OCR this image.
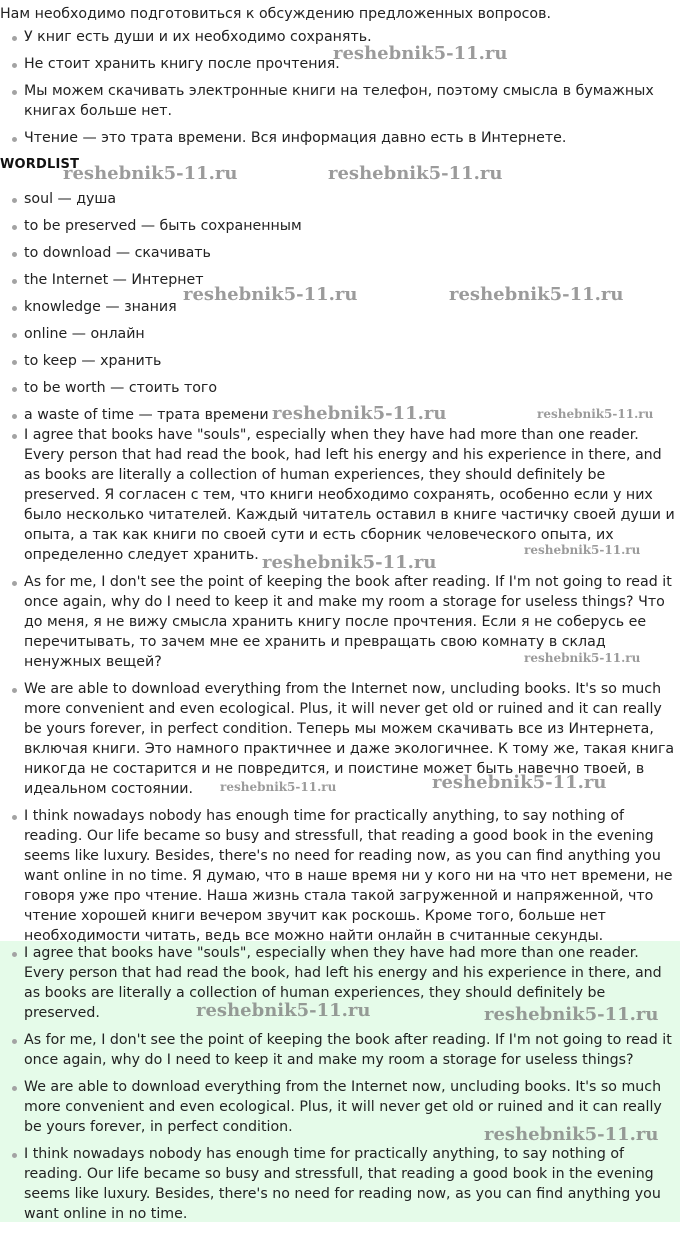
Нам необходимо подготовиться к обсуждению предложенных вопросов.
У книг есть души и их необходимо сохранять.
Не стоит хранить книгу после прочтения.
Мы можем скачивать электронные книги на телефон, поэтому смысла в бумажных книгах больше нет.
Чтение — это трата времени. Вся информация давно есть в Интернете.
WORDLIST
soul — душа
to be preserved — быть сохраненным
to download — скачивать
the Internet — Интернет
knowledge — знания
online — онлайн
to keep — хранить
to be worth — стоить того
a waste of time — трата времени
I agree that books have "souls", especially when they have had more than one reader. Every person that had read the book, had left his energy and his experience in there, and as books are literally a collection of human experiences, they should definitely be preserved. Я согласен с тем, что книги необходимо сохранять, особенно если у них было несколько читателей. Каждый читатель оставил в книге частичку своей души и опыта, а так как книги по своей сути и есть сборник человеческого опыта, их определенно следует хранить.
As for me, I don't see the point of keeping the book after reading. If I'm not going to read it once again, why do I need to keep it and make my room a storage for useless things? Что до меня, я не вижу смысла хранить книгу после прочтения. Если я не соберусь ее перечитывать, то зачем мне ее хранить и превращать свою комнату в склад ненужных вещей?
We are able to download everything from the Internet now, uncluding books. It's so much more convenient and even ecological. Plus, it will never get old or ruined and it can really be yours forever, in perfect condition. Теперь мы можем скачивать все из Интернета, включая книги. Это намного практичнее и даже экологичнее. К тому же, такая книга никогда не состарится и не повредится, и поистине может быть навечно твоей, в идеальном состоянии.
I think nowadays nobody has enough time for practically anything, to say nothing of reading. Our life became so busy and stressfull, that reading a good book in the evening seems like luxury. Besides, there's no need for reading now, as you can find anything you want online in no time. Я думаю, что в наше время ни у кого ни на что нет времени, не говоря уже про чтение. Наша жизнь стала такой загруженной и напряженной, что чтение хорошей книги вечером звучит как роскошь. Кроме того, больше нет необходимости читать, ведь все можно найти онлайн в считанные секунды.
I agree that books have "souls", especially when they have had more than one reader. Every person that had read the book, had left his energy and his experience in there, and as books are literally a collection of human experiences, they should definitely be preserved.
As for me, I don't see the point of keeping the book after reading. If I'm not going to read it once again, why do I need to keep it and make my room a storage for useless things?
We are able to download everything from the Internet now, uncluding books. It's so much more convenient and even ecological. Plus, it will never get old or ruined and it can really be yours forever, in perfect condition.
I think nowadays nobody has enough time for practically anything, to say nothing of reading. Our life became so busy and stressfull, that reading a good book in the evening seems like luxury. Besides, there's no need for reading now, as you can find anything you want online in no time.
reshebnik5-11.ru
reshebnik5-11.ru	reshebnik5-11.ru
reshebnik5-11.ru	reshebnik5-11.ru
reshebnik5-11.ru	reshebnik5-11.ru
reshebnik5-11.ru
reshebnik5-11.ru
reshebnik5-11.ru
reshebnik5-11.ru	reshebnik5-11.ru
reshebnik5-11.ru	reshebnik5-11.ru
reshebnik5-11.ru
